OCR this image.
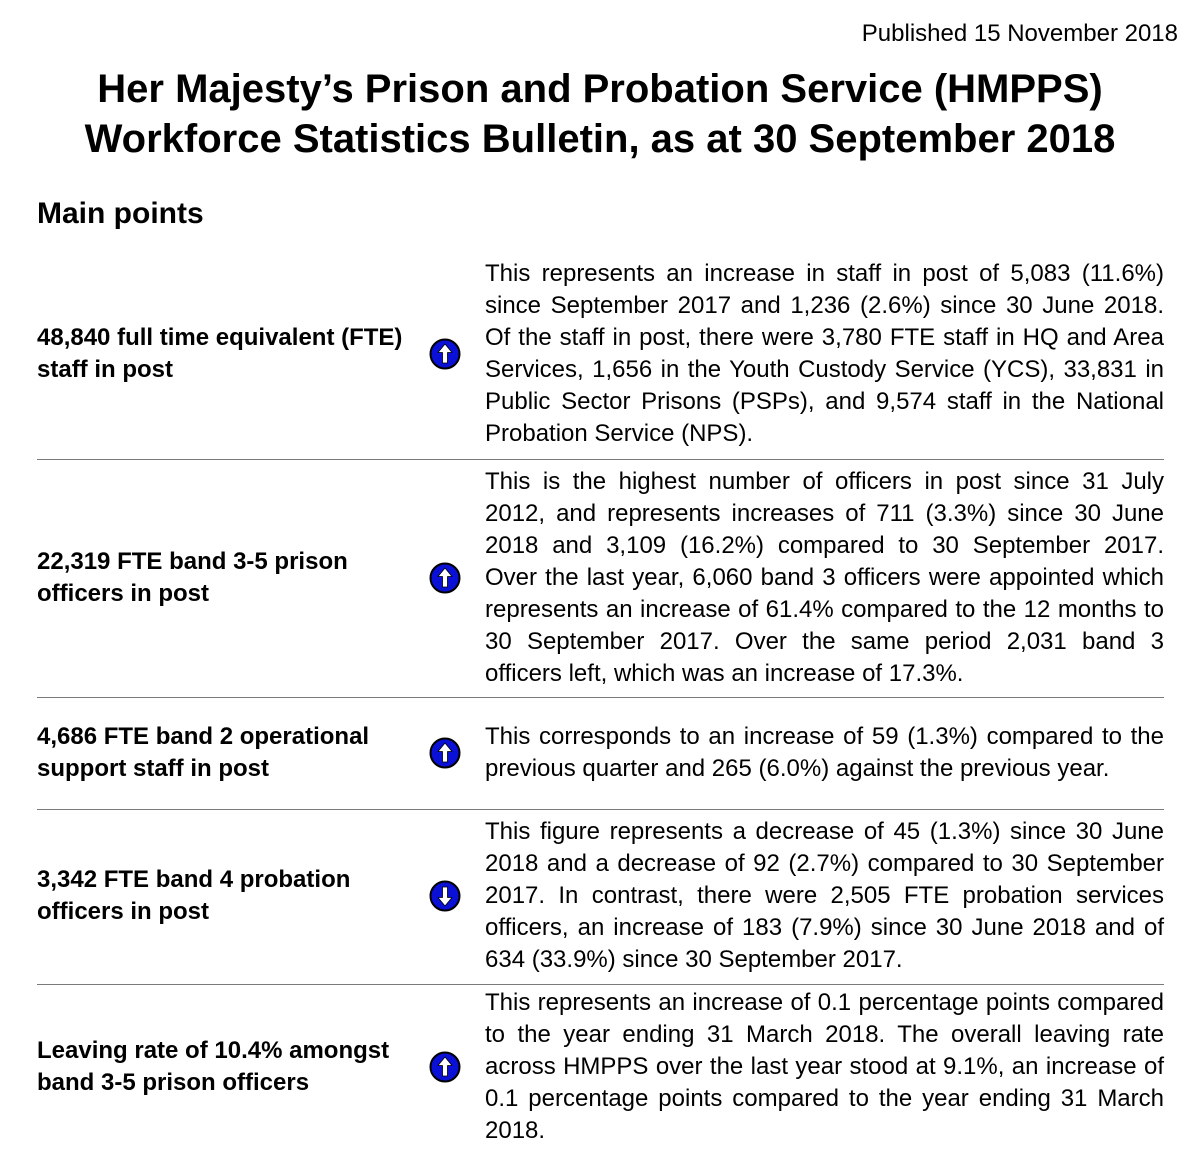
Published 15 November 2018
Her Majesty’s Prison and Probation Service (HMPPS)
Workforce Statistics Bulletin, as at 30 September 2018
Main points
48,840 full time equivalent (FTE) staff in post
This represents an increase in staff in post of 5,083 (11.6%) since September 2017 and 1,236 (2.6%) since 30 June 2018. Of the staff in post, there were 3,780 FTE staff in HQ and Area Services, 1,656 in the Youth Custody Service (YCS), 33,831 in Public Sector Prisons (PSPs), and 9,574 staff in the National Probation Service (NPS).
22,319 FTE band 3-5 prison officers in post
This is the highest number of officers in post since 31 July 2012, and represents increases of 711 (3.3%) since 30 June 2018 and 3,109 (16.2%) compared to 30 September 2017. Over the last year, 6,060 band 3 officers were appointed which represents an increase of 61.4% compared to the 12 months to 30 September 2017. Over the same period 2,031 band 3 officers left, which was an increase of 17.3%.
4,686 FTE band 2 operational support staff in post
This corresponds to an increase of 59 (1.3%) compared to the previous quarter and 265 (6.0%) against the previous year.
3,342 FTE band 4 probation officers in post
This figure represents a decrease of 45 (1.3%) since 30 June 2018 and a decrease of 92 (2.7%) compared to 30 September 2017. In contrast, there were 2,505 FTE probation services officers, an increase of 183 (7.9%) since 30 June 2018 and of 634 (33.9%) since 30 September 2017.
Leaving rate of 10.4% amongst band 3-5 prison officers
This represents an increase of 0.1 percentage points compared to the year ending 31 March 2018. The overall leaving rate across HMPPS over the last year stood at 9.1%, an increase of 0.1 percentage points compared to the year ending 31 March 2018.
